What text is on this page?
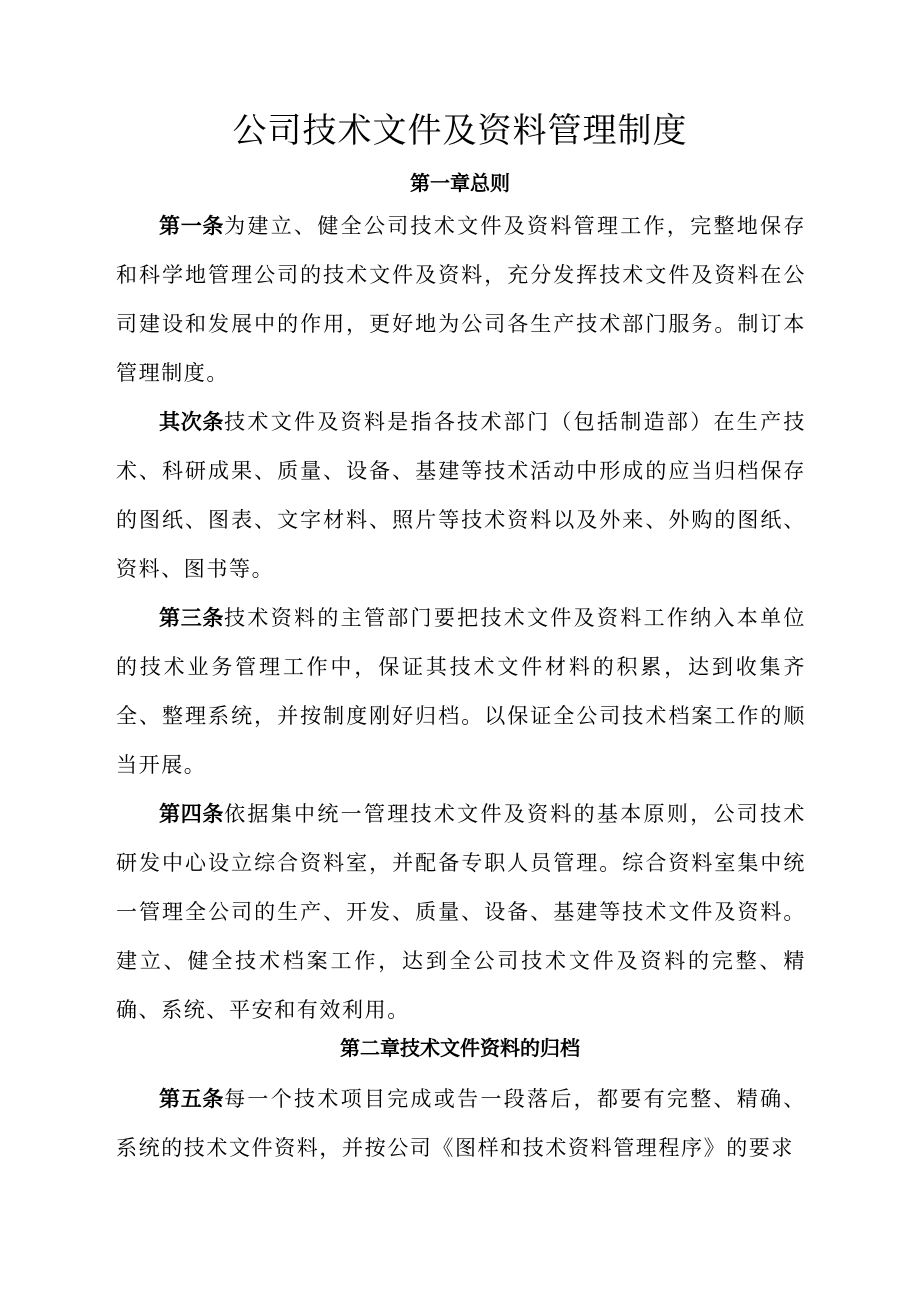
公司技术文件及资料管理制度
第一章总则

第一条为建立、健全公司技术文件及资料管理工作，完整地保存和科学地管理公司的技术文件及资料，充分发挥技术文件及资料在公司建设和发展中的作用，更好地为公司各生产技术部门服务。制订本管理制度。

其次条技术文件及资料是指各技术部门（包括制造部）在生产技术、科研成果、质量、设备、基建等技术活动中形成的应当归档保存的图纸、图表、文字材料、照片等技术资料以及外来、外购的图纸、资料、图书等。

第三条技术资料的主管部门要把技术文件及资料工作纳入本单位的技术业务管理工作中，保证其技术文件材料的积累，达到收集齐全、整理系统，并按制度刚好归档。以保证全公司技术档案工作的顺当开展。

第四条依据集中统一管理技术文件及资料的基本原则，公司技术研发中心设立综合资料室，并配备专职人员管理。综合资料室集中统一管理全公司的生产、开发、质量、设备、基建等技术文件及资料。建立、健全技术档案工作，达到全公司技术文件及资料的完整、精确、系统、平安和有效利用。

第二章技术文件资料的归档

第五条每一个技术项目完成或告一段落后，都要有完整、精确、系统的技术文件资料，并按公司《图样和技术资料管理程序》的要求
